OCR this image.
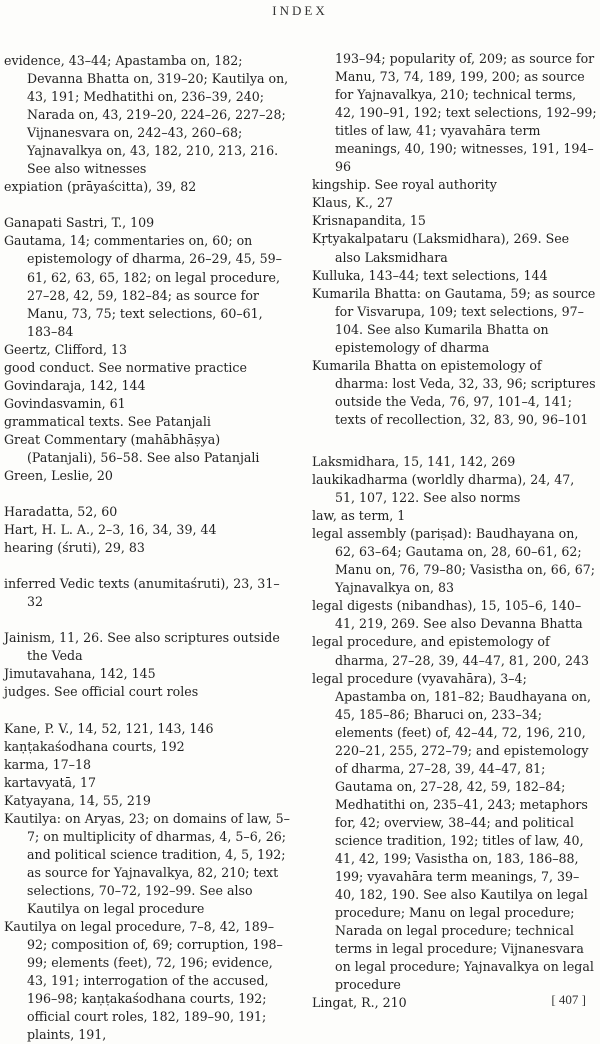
INDEX

evidence, 43–44; Apastamba on, 182; Devanna Bhatta on, 319–20; Kautilya on, 43, 191; Medhatithi on, 236–39, 240; Narada on, 43, 219–20, 224–26, 227–28; Vijnanesvara on, 242–43, 260–68; Yajnavalkya on, 43, 182, 210, 213, 216. See also witnesses

expiation (prāyaścitta), 39, 82

Ganapati Sastri, T., 109

Gautama, 14; commentaries on, 60; on epistemology of dharma, 26–29, 45, 59–61, 62, 63, 65, 182; on legal procedure, 27–28, 42, 59, 182–84; as source for Manu, 73, 75; text selections, 60–61, 183–84

Geertz, Clifford, 13

good conduct. See normative practice

Govindaraja, 142, 144

Govindasvamin, 61

grammatical texts. See Patanjali

Great Commentary (mahābhāṣya) (Patanjali), 56–58. See also Patanjali

Green, Leslie, 20

Haradatta, 52, 60

Hart, H. L. A., 2–3, 16, 34, 39, 44

hearing (śruti), 29, 83

inferred Vedic texts (anumitaśruti), 23, 31–32

Jainism, 11, 26. See also scriptures outside the Veda

Jimutavahana, 142, 145

judges. See official court roles

Kane, P. V., 14, 52, 121, 143, 146

kaṇṭakaśodhana courts, 192

karma, 17–18

kartavyatā, 17

Katyayana, 14, 55, 219

Kautilya: on Aryas, 23; on domains of law, 5–7; on multiplicity of dharmas, 4, 5–6, 26; and political science tradition, 4, 5, 192; as source for Yajnavalkya, 82, 210; text selections, 70–72, 192–99. See also Kautilya on legal procedure

Kautilya on legal procedure, 7–8, 42, 189–92; composition of, 69; corruption, 198–99; elements (feet), 72, 196; evidence, 43, 191; interrogation of the accused, 196–98; kaṇṭakaśodhana courts, 192; official court roles, 182, 189–90, 191; plaints, 191,

193–94; popularity of, 209; as source for Manu, 73, 74, 189, 199, 200; as source for Yajnavalkya, 210; technical terms, 42, 190–91, 192; text selections, 192–99; titles of law, 41; vyavahāra term meanings, 40, 190; witnesses, 191, 194–96

kingship. See royal authority

Klaus, K., 27

Krisnapandita, 15

Kṛtyakalpataru (Laksmidhara), 269. See also Laksmidhara

Kulluka, 143–44; text selections, 144

Kumarila Bhatta: on Gautama, 59; as source for Visvarupa, 109; text selections, 97–104. See also Kumarila Bhatta on epistemology of dharma

Kumarila Bhatta on epistemology of dharma: lost Veda, 32, 33, 96; scriptures outside the Veda, 76, 97, 101–4, 141; texts of recollection, 32, 83, 90, 96–101

Laksmidhara, 15, 141, 142, 269

laukikadharma (worldly dharma), 24, 47, 51, 107, 122. See also norms

law, as term, 1

legal assembly (pariṣad): Baudhayana on, 62, 63–64; Gautama on, 28, 60–61, 62; Manu on, 76, 79–80; Vasistha on, 66, 67; Yajnavalkya on, 83

legal digests (nibandhas), 15, 105–6, 140–41, 219, 269. See also Devanna Bhatta

legal procedure, and epistemology of dharma, 27–28, 39, 44–47, 81, 200, 243

legal procedure (vyavahāra), 3–4; Apastamba on, 181–82; Baudhayana on, 45, 185–86; Bharuci on, 233–34; elements (feet) of, 42–44, 72, 196, 210, 220–21, 255, 272–79; and epistemology of dharma, 27–28, 39, 44–47, 81; Gautama on, 27–28, 42, 59, 182–84; Medhatithi on, 235–41, 243; metaphors for, 42; overview, 38–44; and political science tradition, 192; titles of law, 40, 41, 42, 199; Vasistha on, 183, 186–88, 199; vyavahāra term meanings, 7, 39–40, 182, 190. See also Kautilya on legal procedure; Manu on legal procedure; Narada on legal procedure; technical terms in legal procedure; Vijnanesvara on legal procedure; Yajnavalkya on legal procedure

Lingat, R., 210	[ 407 ]
